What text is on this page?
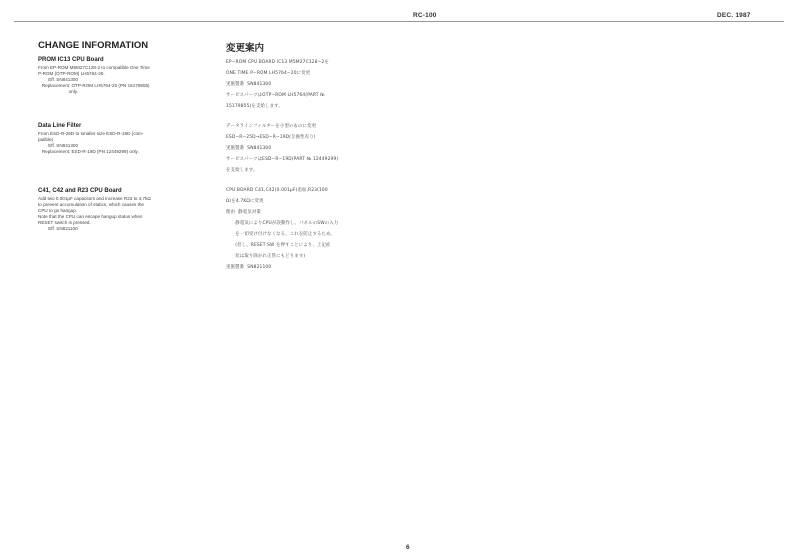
RC-100	DEC. 1987
CHANGE INFORMATION
PROM IC13 CPU Board
From EP-ROM M5M27C128-2 to compatible One Time
P-ROM (OTP-ROM) LH5764-20.
Eff. SN841300
Replacement: OTP-ROM LH5764-20 (PN 15179855)
only.
Data Line Filter
From ESD-R-25D to smaller size ESD-R-19D (com-
patible)
Eff. SN841300
Replacement: ESD-R-19D (PN 12449299) only.
C41, C42 and R23 CPU Board
Add two 0.001μF capacitors and increase R23 to 4.7kΩ
to prevent accumulation of statics, which causes the
CPU to go hangup.
Note that the CPU can escape hangup status when
RESET switch is pressed.
Eff. SN821100
変更案内
EP−ROM CPU BOARD IC13 M5M27C128−2を
ONE TIME P−ROM LH5764−20に変更
実施製番  SN841300
サービスパーツはOTP−ROM LH5764(PART №
15179855)を支給します。
データラインフィルターを小型の＆のに変更
ESD−R−25D→ESD−R−19D(互換性有り)
実施製番  SN841300
サービスパーツはESD−R−19D(PART № 12449299)
を支給します。
CPU BOARD C41,C42(0.001μF)追加,R23(100
Ω)を4.7KΩに変更
理由  静電気対策
静電気によりCPUが誤動作し、パネルのSWの入力
を一切受け付けなくなる、これを防止するため。
(但し、RESET SW を押すことにより、上記症
状は取り除かれ正常にもどります)
実施製番  SN821100
6
